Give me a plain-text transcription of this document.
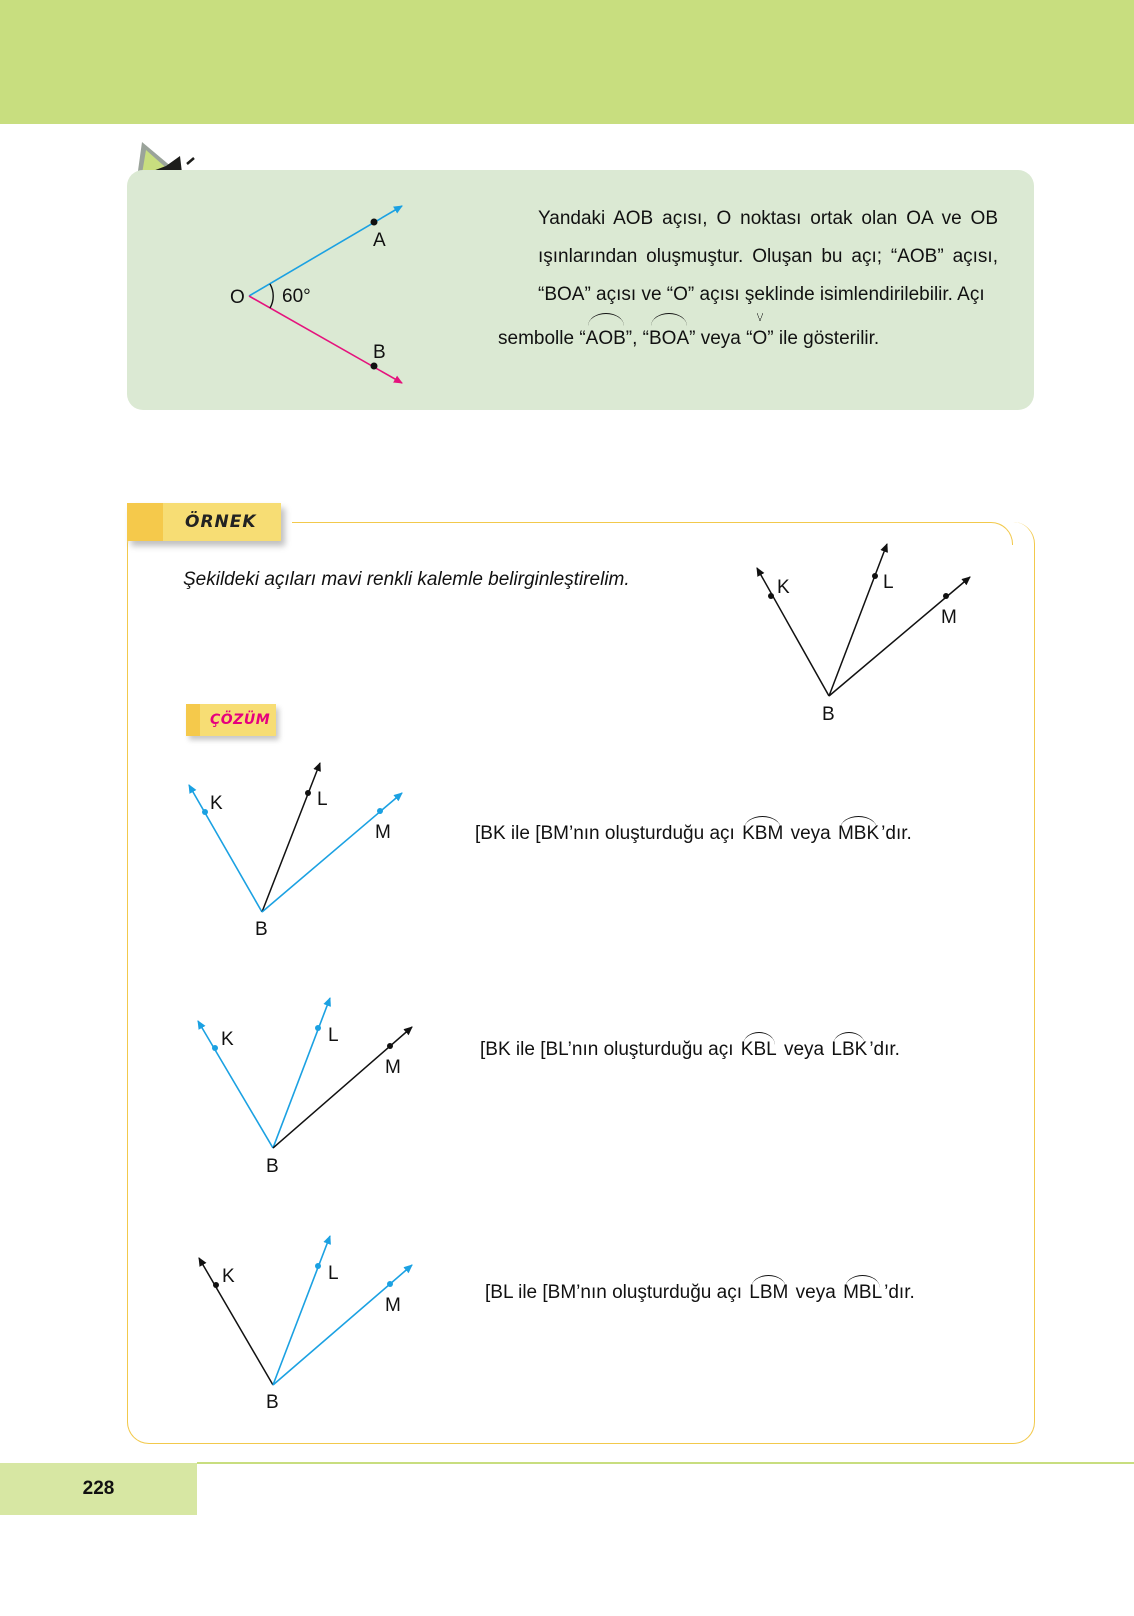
Yandaki AOB açısı, O noktası ortak olan OA ve OB ışınlarından oluşmuştur. Oluşan bu açı; “AOB” açısı, “BOA” açısı ve “O” açısı şeklinde isimlendirilebilir. Açı

sembolle “AOB”, “BOA” veya “O” ile gösterilir.

O
A
B
60°
ÖRNEK
Şekildeki açıları mavi renkli kalemle belirginleştirelim.	K	L
M
B
ÇÖZÜM
K	L
M
B
K	L
M
B
K	L
M
B
[BK ile [BM’nın oluşturduğu açı KBM veya MBK ’dır.
[BK ile [BL’nın oluşturduğu açı KBL veya LBK ’dır.
[BL ile [BM’nın oluşturduğu açı LBM veya MBL ’dır.
228
